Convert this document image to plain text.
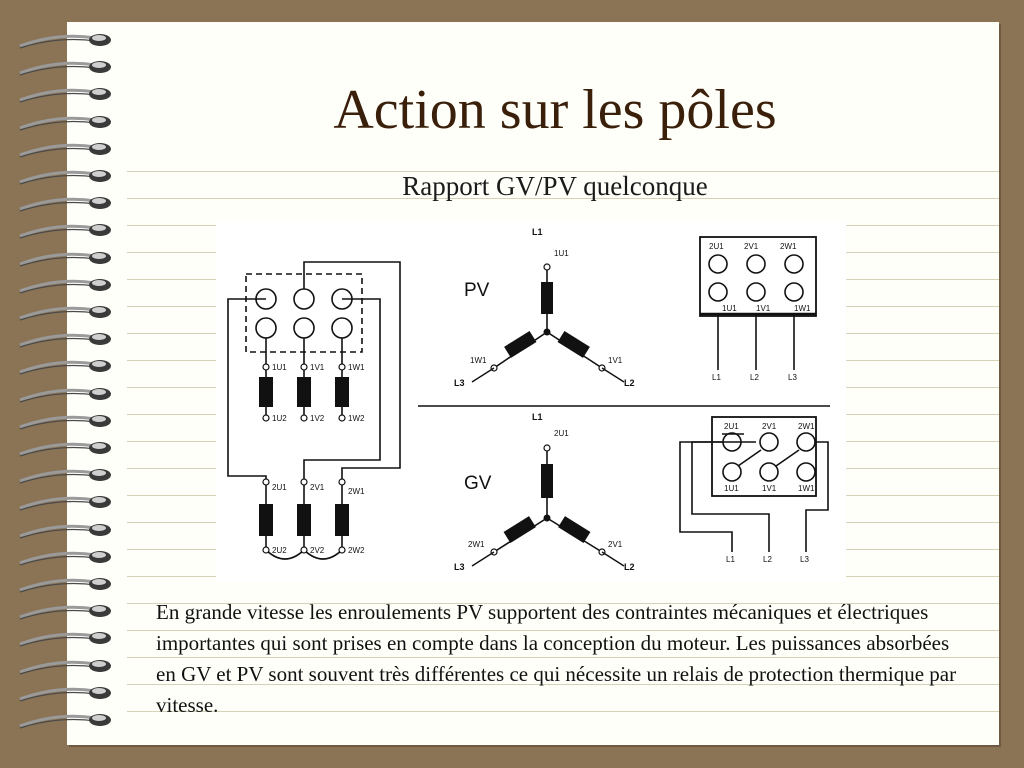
Action sur les pôles
Rapport GV/PV quelconque
1U1	1V1	1W1
1U2	1V2	1W2
2U1	2V1	2W1
2U2	2V2	2W2
PV
GV
L1
1U1
1W1	1V1
L3	L2
L1
2U1
2W1	2V1
L3	L2
2U1	2V1	2W1
1U1 1V1	1W1
L1	L2	L3
2U1	2V1	2W1
1U1	1V1	1W1
L1	L2	L3
En grande vitesse les enroulements PV supportent des contraintes mécaniques et électriques importantes qui sont prises en compte dans la conception du moteur. Les puissances absorbées en GV et PV sont souvent très différentes ce qui nécessite un relais de protection thermique par vitesse.
